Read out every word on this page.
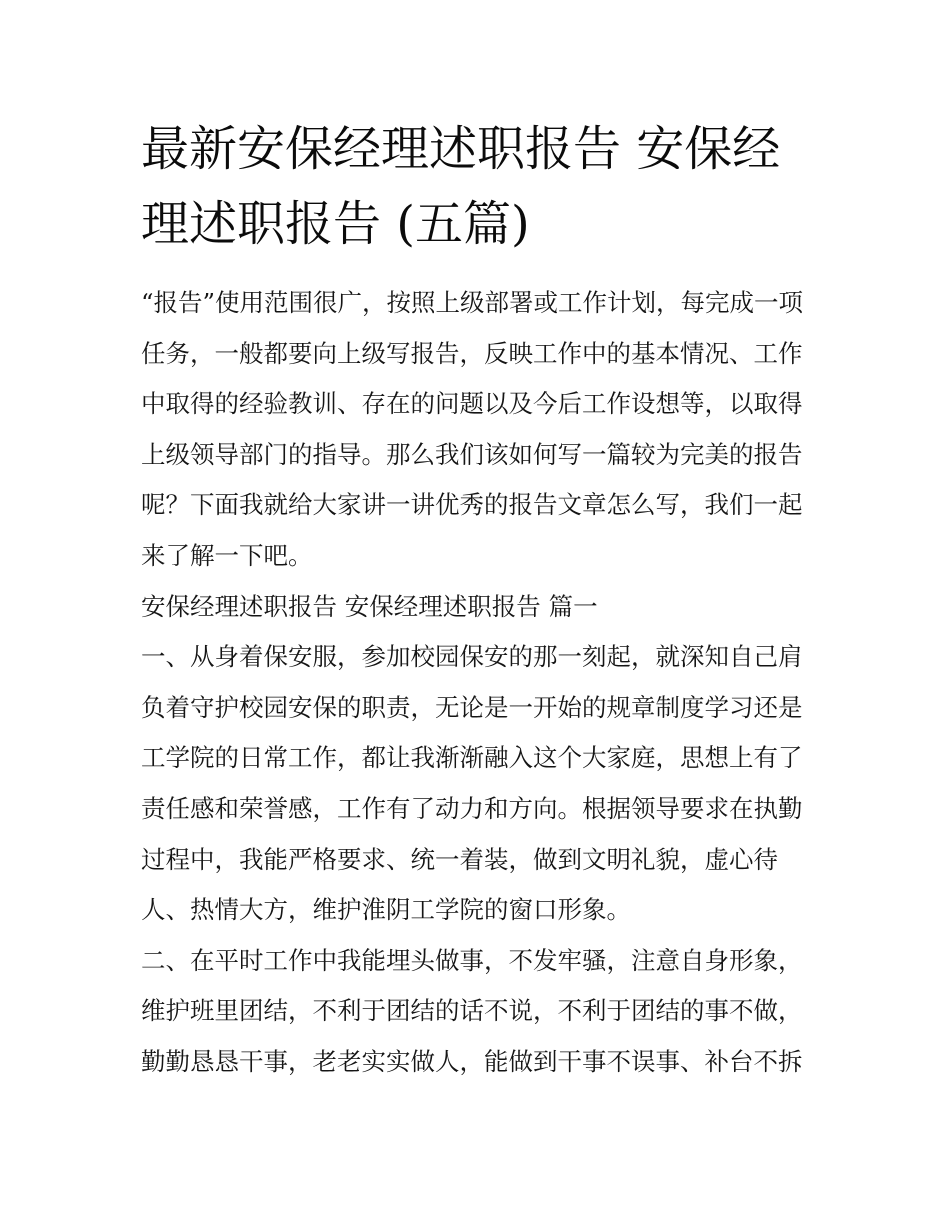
最新安保经理述职报告 安保经
理述职报告 (五篇)

“报告”使用范围很广，按照上级部署或工作计划，每完成一项
任务，一般都要向上级写报告，反映工作中的基本情况、工作
中取得的经验教训、存在的问题以及今后工作设想等，以取得
上级领导部门的指导。那么我们该如何写一篇较为完美的报告
呢？下面我就给大家讲一讲优秀的报告文章怎么写，我们一起
来了解一下吧。

安保经理述职报告 安保经理述职报告 篇一

一、从身着保安服，参加校园保安的那一刻起，就深知自己肩
负着守护校园安保的职责，无论是一开始的规章制度学习还是
工学院的日常工作，都让我渐渐融入这个大家庭，思想上有了
责任感和荣誉感，工作有了动力和方向。根据领导要求在执勤
过程中，我能严格要求、统一着装，做到文明礼貌，虚心待
人、热情大方，维护淮阴工学院的窗口形象。

二、在平时工作中我能埋头做事，不发牢骚，注意自身形象，
维护班里团结，不利于团结的话不说，不利于团结的事不做，
勤勤恳恳干事，老老实实做人，能做到干事不误事、补台不拆
